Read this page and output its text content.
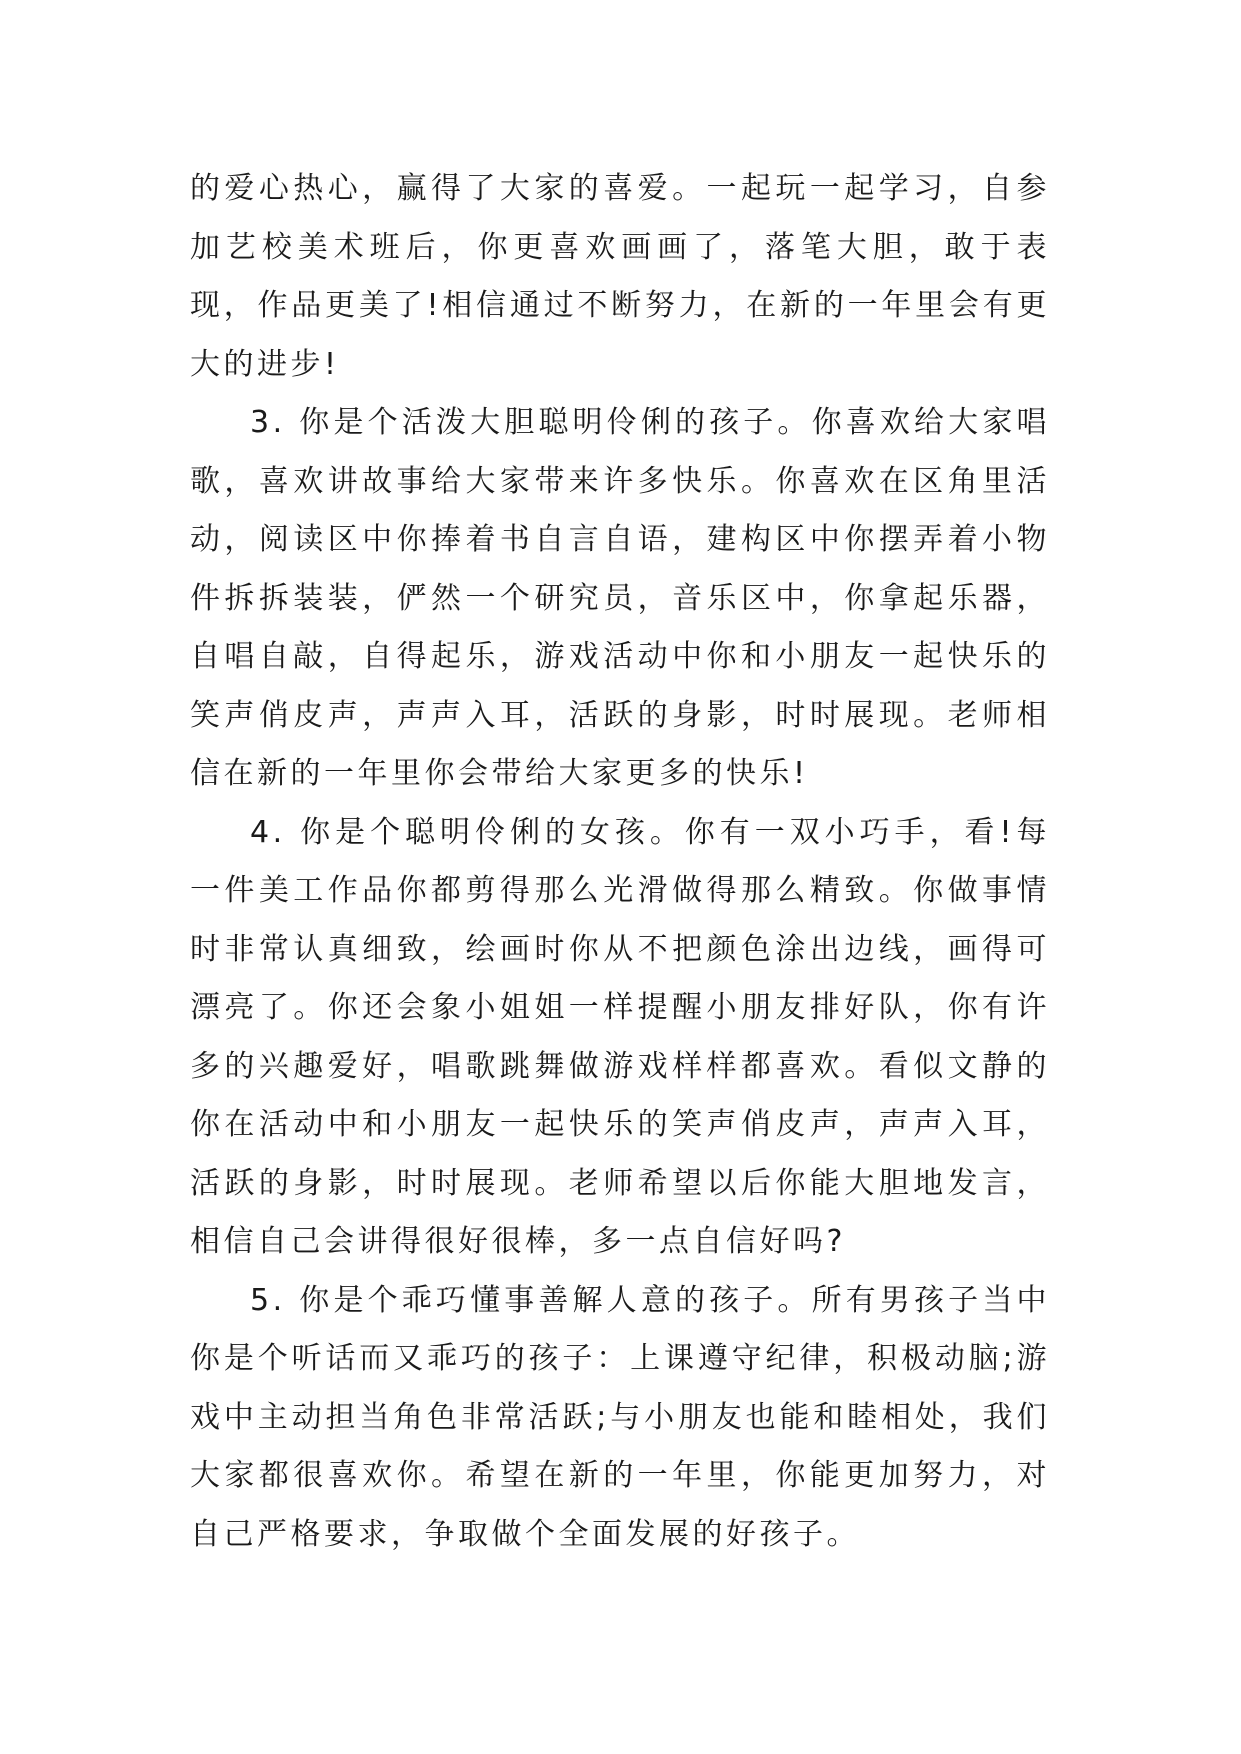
的爱心热心，赢得了大家的喜爱。一起玩一起学习，自参加艺校美术班后，你更喜欢画画了，落笔大胆，敢于表现，作品更美了!相信通过不断努力，在新的一年里会有更大的进步!

3. 你是个活泼大胆聪明伶俐的孩子。你喜欢给大家唱歌，喜欢讲故事给大家带来许多快乐。你喜欢在区角里活动，阅读区中你捧着书自言自语，建构区中你摆弄着小物件拆拆装装，俨然一个研究员，音乐区中，你拿起乐器，自唱自敲，自得起乐，游戏活动中你和小朋友一起快乐的笑声俏皮声，声声入耳，活跃的身影，时时展现。老师相信在新的一年里你会带给大家更多的快乐!

4. 你是个聪明伶俐的女孩。你有一双小巧手，看!每一件美工作品你都剪得那么光滑做得那么精致。你做事情时非常认真细致，绘画时你从不把颜色涂出边线，画得可漂亮了。你还会象小姐姐一样提醒小朋友排好队，你有许多的兴趣爱好，唱歌跳舞做游戏样样都喜欢。看似文静的你在活动中和小朋友一起快乐的笑声俏皮声，声声入耳，活跃的身影，时时展现。老师希望以后你能大胆地发言，相信自己会讲得很好很棒，多一点自信好吗?

5. 你是个乖巧懂事善解人意的孩子。所有男孩子当中你是个听话而又乖巧的孩子：上课遵守纪律，积极动脑;游戏中主动担当角色非常活跃;与小朋友也能和睦相处，我们大家都很喜欢你。希望在新的一年里，你能更加努力，对自己严格要求，争取做个全面发展的好孩子。
